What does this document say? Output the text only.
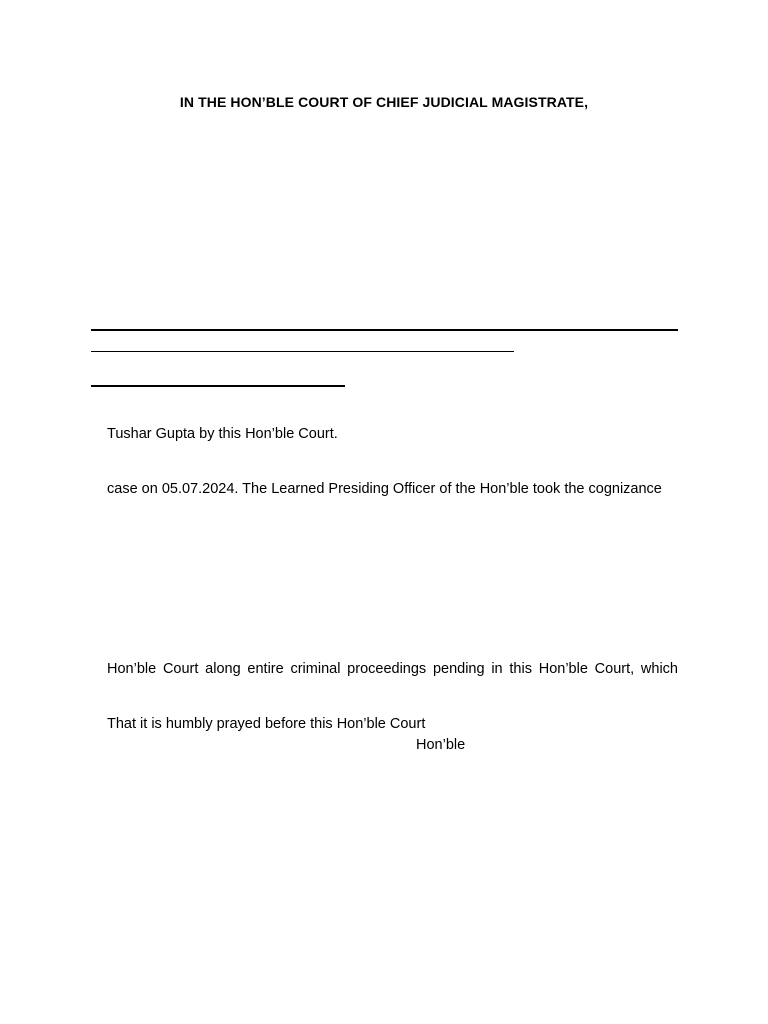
IN THE HON’BLE COURT OF CHIEF JUDICIAL MAGISTRATE,
Tushar Gupta by this Hon’ble Court.
case on 05.07.2024. The Learned Presiding Officer of the Hon’ble took the cognizance
Hon’ble Court along entire criminal proceedings pending in this Hon’ble Court, which
That it is humbly prayed before this Hon’ble Court
Hon’ble
